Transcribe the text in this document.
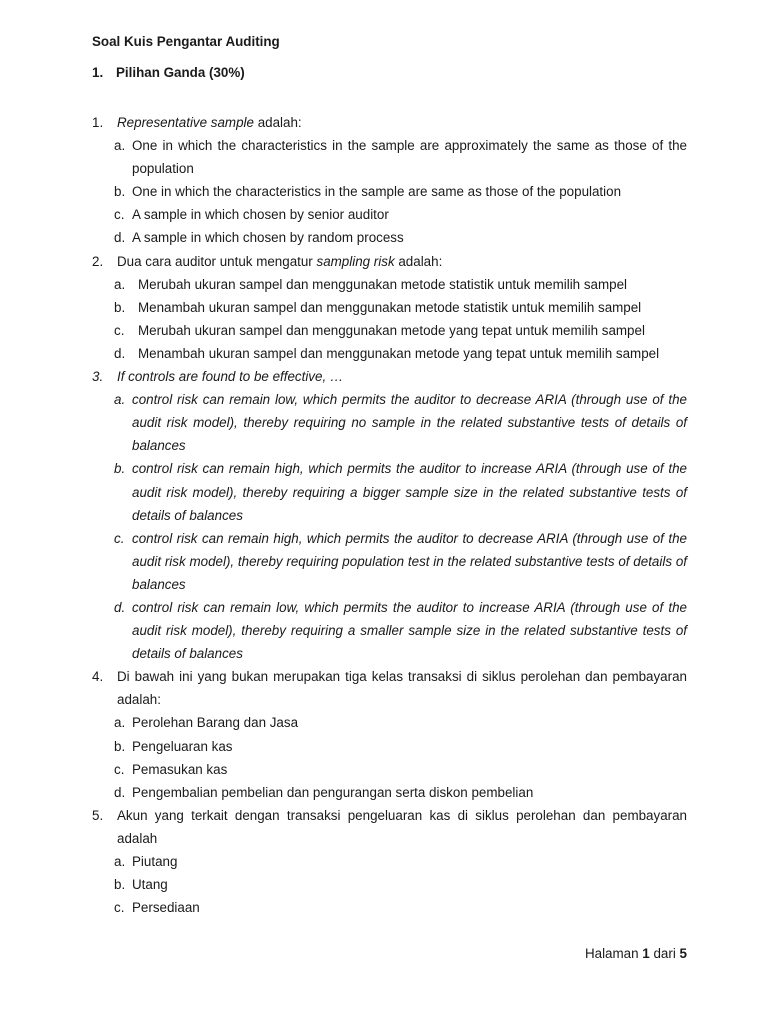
Soal Kuis Pengantar Auditing
1. Pilihan Ganda (30%)
1.	Representative sample adalah:
a. One in which the characteristics in the sample are approximately the same as those of the population
b. One in which the characteristics in the sample are same as those of the population
c. A sample in which chosen by senior auditor
d. A sample in which chosen by random process
2.	Dua cara auditor untuk mengatur sampling risk adalah:
a. Merubah ukuran sampel dan menggunakan metode statistik untuk memilih sampel
b. Menambah ukuran sampel dan menggunakan metode statistik untuk memilih sampel
c.	Merubah ukuran sampel dan menggunakan metode yang tepat untuk memilih sampel
d. Menambah ukuran sampel dan menggunakan metode yang tepat untuk memilih sampel
3.	If controls are found to be effective, …
a. control risk can remain low, which permits the auditor to decrease ARIA (through use of the audit risk model), thereby requiring no sample in the related substantive tests of details of balances
b. control risk can remain high, which permits the auditor to increase ARIA (through use of the audit risk model), thereby requiring a bigger sample size in the related substantive tests of details of balances
c. control risk can remain high, which permits the auditor to decrease ARIA (through use of the audit risk model), thereby requiring population test in the related substantive tests of details of balances
d. control risk can remain low, which permits the auditor to increase ARIA (through use of the audit risk model), thereby requiring a smaller sample size in the related substantive tests of details of balances
4.	Di bawah ini yang bukan merupakan tiga kelas transaksi di siklus perolehan dan pembayaran adalah:
a. Perolehan Barang dan Jasa
b. Pengeluaran kas
c. Pemasukan kas
d. Pengembalian pembelian dan pengurangan serta diskon pembelian
5.	Akun yang terkait dengan transaksi pengeluaran kas di siklus perolehan dan pembayaran adalah
a. Piutang
b. Utang
c. Persediaan
Halaman 1 dari 5
